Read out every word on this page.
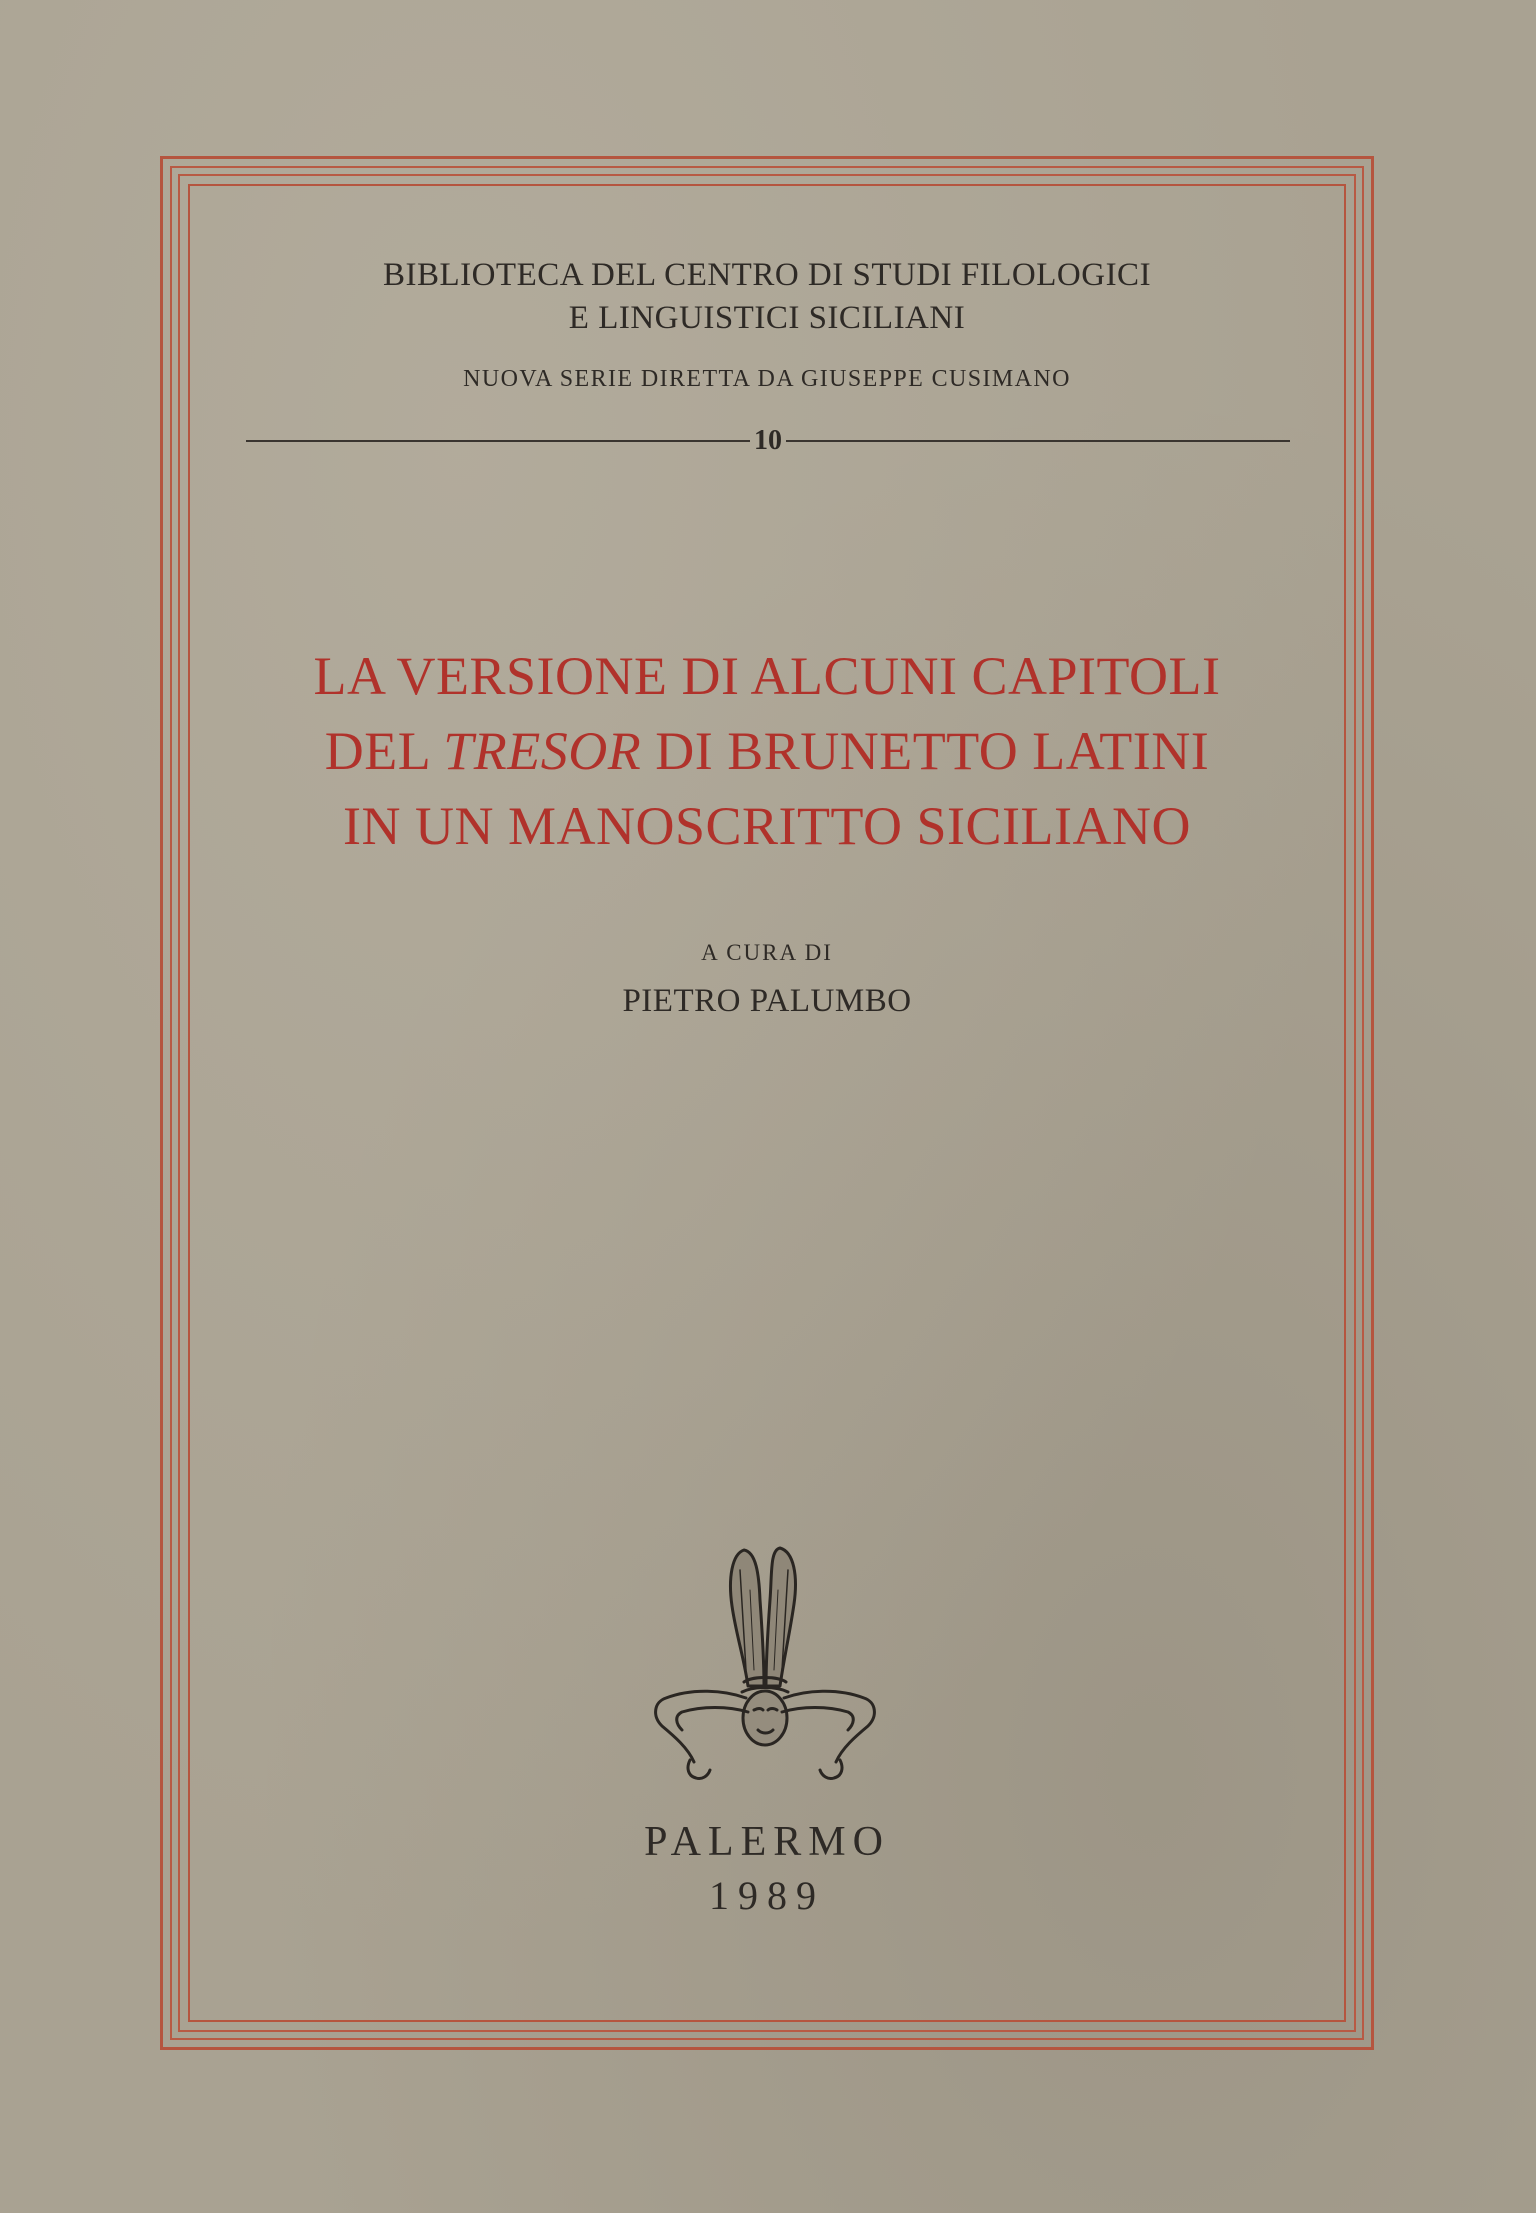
BIBLIOTECA DEL CENTRO DI STUDI FILOLOGICI
E LINGUISTICI SICILIANI
NUOVA SERIE DIRETTA DA GIUSEPPE CUSIMANO
10
LA VERSIONE DI ALCUNI CAPITOLI
DEL TRESOR DI BRUNETTO LATINI
IN UN MANOSCRITTO SICILIANO
A CURA DI
PIETRO PALUMBO
PALERMO
1989
